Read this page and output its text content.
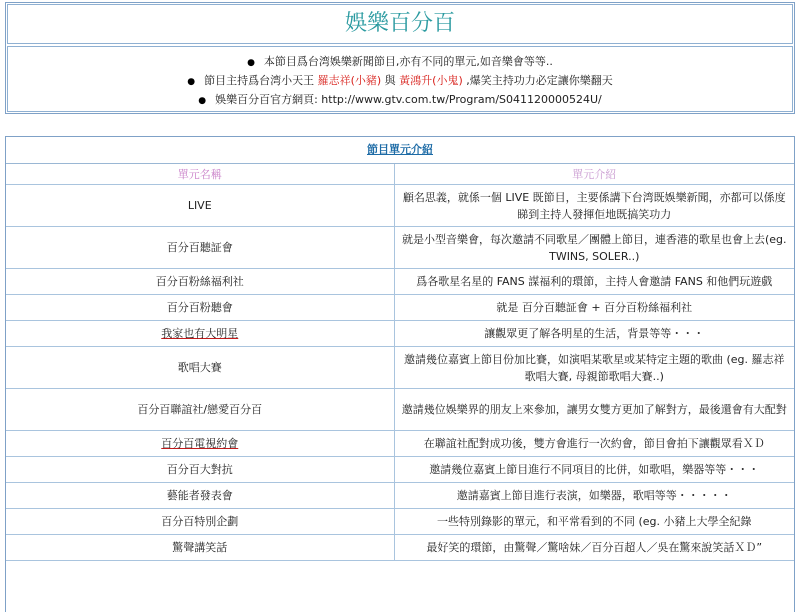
娛樂百分百
● 本節目爲台湾娛樂新聞節目,亦有不同的單元,如音樂會等等..
● 節目主持爲台湾小天王 羅志祥(小豬) 與 黃鴻升(小鬼) ,爆笑主持功力必定讓你樂翻天
● 娛樂百分百官方網頁: http://www.gtv.com.tw/Program/S041120000524U/
節目單元介紹
單元名稱	單元介紹
LIVE	顧名思義，就係一個 LIVE 既節目，主要係講下台湾既娛樂新聞，亦都可以係度睇到主持人發揮佢地既搞笑功力
百分百聽証會	就是小型音樂會，每次邀請不同歌星／團體上節目，連香港的歌星也會上去(eg. TWINS, SOLER..)
百分百粉絲福利社	爲各歌星名星的 FANS 謀福利的環節，主持人會邀請 FANS 和他們玩遊戲
百分百粉聽會	就是 百分百聽証會 + 百分百粉絲福利社
我家也有大明星	讓觀眾更了解各明星的生活，背景等等・・・
歌唱大賽	邀請幾位嘉賓上節目份加比賽，如演唱某歌星或某特定主題的歌曲 (eg. 羅志祥歌唱大賽, 母親節歌唱大賽..)
百分百聯誼社/戀愛百分百	邀請幾位娛樂界的朋友上來參加，讓男女雙方更加了解對方，最後還會有大配對
百分百電視約會	在聯誼社配對成功後，雙方會進行一次約會，節目會拍下讓觀眾看ＸＤ
百分百大對抗	邀請幾位嘉賓上節目進行不同項目的比併，如歌唱，樂器等等・・・
藝能者發表會	邀請嘉賓上節目進行表演，如樂器，歌唱等等・・・・・
百分百特別企劃	一些特別錄影的單元，和平常看到的不同 (eg. 小豬上大學全紀錄
驚聲講笑話	最好笑的環節，由驚聲／驚啥妹／百分百超人／吳在驚來說笑話ＸＤ”
